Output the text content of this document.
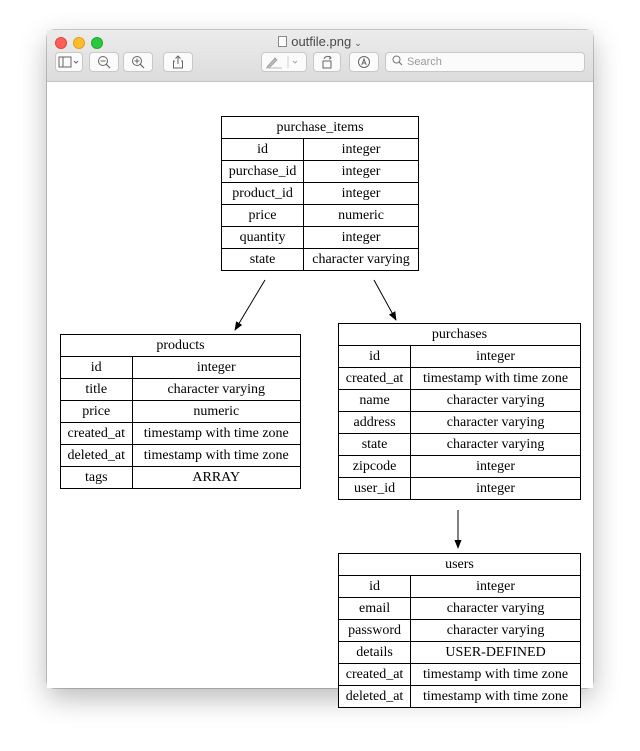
outfile.png ⌄
Search
purchase_items	
id	integer
purchase_id	integer
product_id	integer
price	numeric
quantity	integer
state	character varying
products	
id	integer
title	character varying
price	numeric
created_at	timestamp with time zone
deleted_at	timestamp with time zone
tags	ARRAY
purchases	
id	integer
created_at	timestamp with time zone
name	character varying
address	character varying
state	character varying
zipcode	integer
user_id	integer
users	
id	integer
email	character varying
password	character varying
details	USER-DEFINED
created_at	timestamp with time zone
deleted_at	timestamp with time zone
